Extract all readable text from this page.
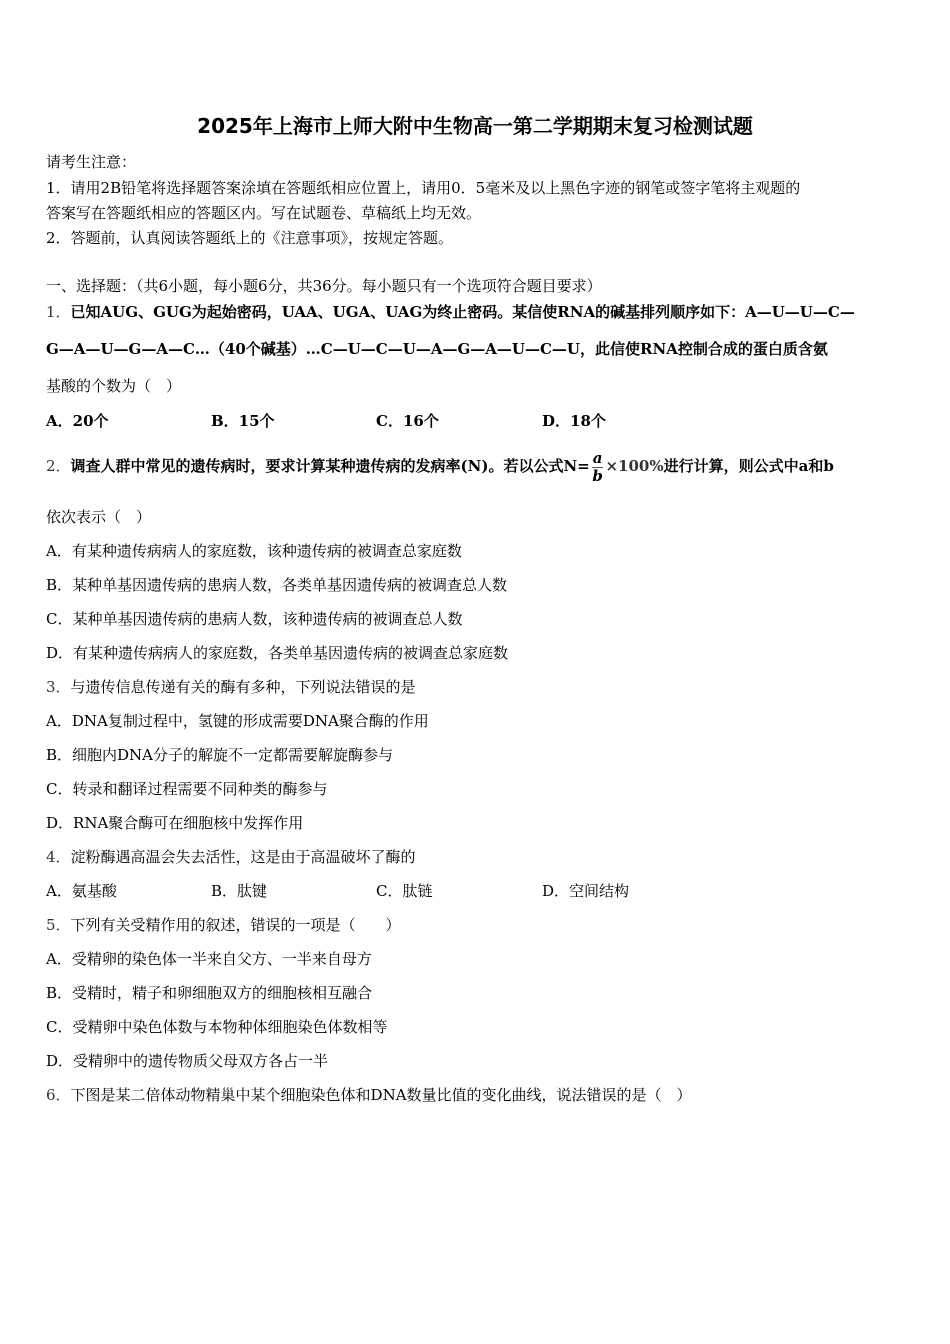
2025年上海市上师大附中生物高一第二学期期末复习检测试题
请考生注意：
1．请用2B铅笔将选择题答案涂填在答题纸相应位置上，请用0．5毫米及以上黑色字迹的钢笔或签字笔将主观题的
答案写在答题纸相应的答题区内。写在试题卷、草稿纸上均无效。
2．答题前，认真阅读答题纸上的《注意事项》，按规定答题。
一、选择题：（共6小题，每小题6分，共36分。每小题只有一个选项符合题目要求）
1．已知AUG、GUG为起始密码，UAA、UGA、UAG为终止密码。某信使RNA的碱基排列顺序如下：A—U—U—C—
G—A—U—G—A—C…（40个碱基）…C—U—C—U—A—G—A—U—C—U，此信使RNA控制合成的蛋白质含氨
基酸的个数为（　）
A．20个	B．15个	C．16个	D．18个
2．调查人群中常见的遗传病时，要求计算某种遗传病的发病率(N)。若以公式$N= \frac{a}{b} \times 100\%$进行计算，则公式中a和b
依次表示（　）
A．有某种遗传病病人的家庭数，该种遗传病的被调查总家庭数
B．某种单基因遗传病的患病人数，各类单基因遗传病的被调查总人数
C．某种单基因遗传病的患病人数，该种遗传病的被调查总人数
D．有某种遗传病病人的家庭数，各类单基因遗传病的被调查总家庭数
3．与遗传信息传递有关的酶有多种，下列说法错误的是
A．DNA复制过程中，氢键的形成需要DNA聚合酶的作用
B．细胞内DNA分子的解旋不一定都需要解旋酶参与
C．转录和翻译过程需要不同种类的酶参与
D．RNA聚合酶可在细胞核中发挥作用
4．淀粉酶遇高温会失去活性，这是由于高温破坏了酶的
A．氨基酸	B．肽键	C．肽链	D．空间结构
5．下列有关受精作用的叙述，错误的一项是（　　）
A．受精卵的染色体一半来自父方、一半来自母方
B．受精时，精子和卵细胞双方的细胞核相互融合
C．受精卵中染色体数与本物种体细胞染色体数相等
D．受精卵中的遗传物质父母双方各占一半
6．下图是某二倍体动物精巢中某个细胞染色体和DNA数量比值的变化曲线，说法错误的是（　）
